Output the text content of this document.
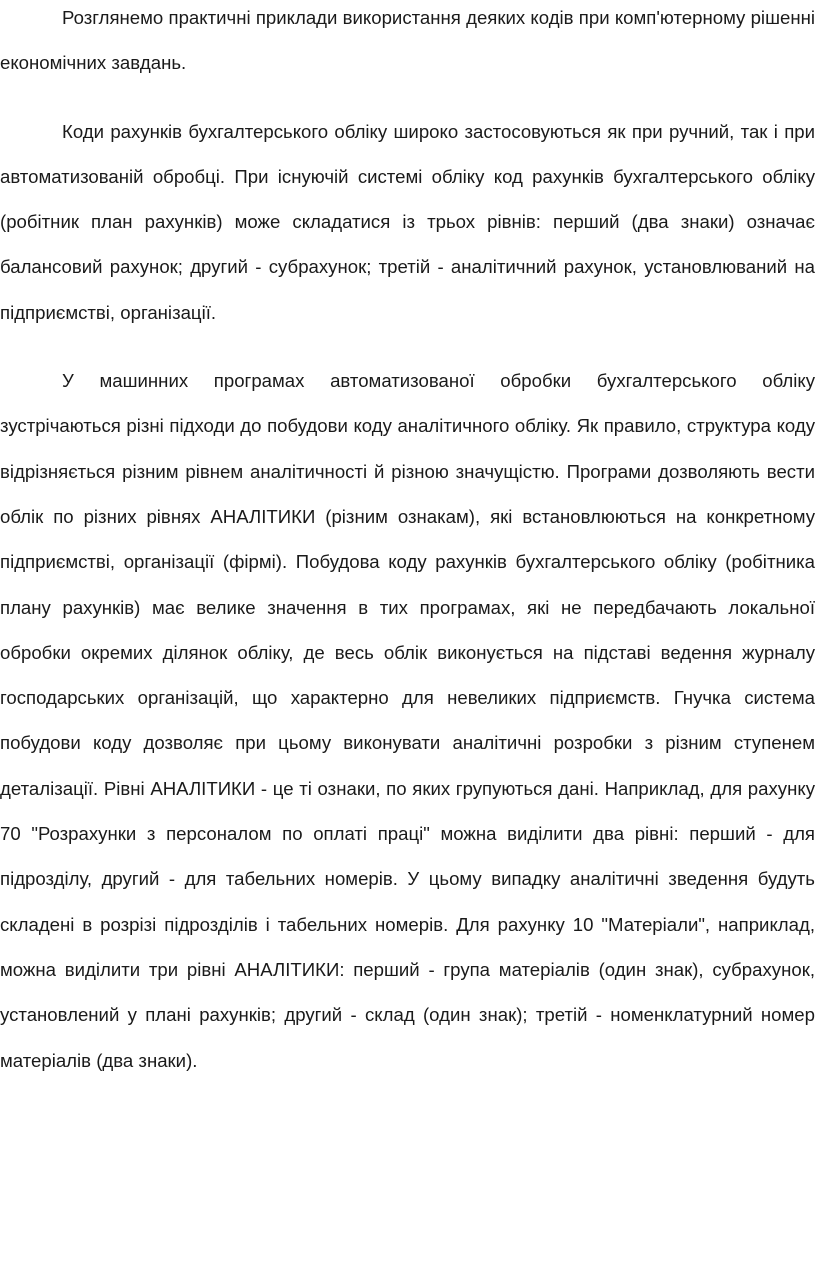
Розглянемо практичні приклади використання деяких кодів при комп'ютерному рішенні економічних завдань.

Коди рахунків бухгалтерського обліку широко застосовуються як при ручний, так і при автоматизованій обробці. При існуючій системі обліку код рахунків бухгалтерського обліку (робітник план рахунків) може складатися із трьох рівнів: перший (два знаки) означає балансовий рахунок; другий - субрахунок; третій - аналітичний рахунок, установлюваний на підприємстві, організації.

У машинних програмах автоматизованої обробки бухгалтерського обліку зустрічаються різні підходи до побудови коду аналітичного обліку. Як правило, структура коду відрізняється різним рівнем аналітичності й різною значущістю. Програми дозволяють вести облік по різних рівнях АНАЛІТИКИ (різним ознакам), які встановлюються на конкретному підприємстві, організації (фірмі). Побудова коду рахунків бухгалтерського обліку (робітника плану рахунків) має велике значення в тих програмах, які не передбачають локальної обробки окремих ділянок обліку, де весь облік виконується на підставі ведення журналу господарських організацій, що характерно для невеликих підприємств. Гнучка система побудови коду дозволяє при цьому виконувати аналітичні розробки з різним ступенем деталізації. Рівні АНАЛІТИКИ - це ті ознаки, по яких групуються дані. Наприклад, для рахунку 70 "Розрахунки з персоналом по оплаті праці" можна виділити два рівні: перший - для підрозділу, другий - для табельних номерів. У цьому випадку аналітичні зведення будуть складені в розрізі підрозділів і табельних номерів. Для рахунку 10 "Матеріали", наприклад, можна виділити три рівні АНАЛІТИКИ: перший - група матеріалів (один знак), субрахунок, установлений у плані рахунків; другий - склад (один знак); третій - номенклатурний номер матеріалів (два знаки).
